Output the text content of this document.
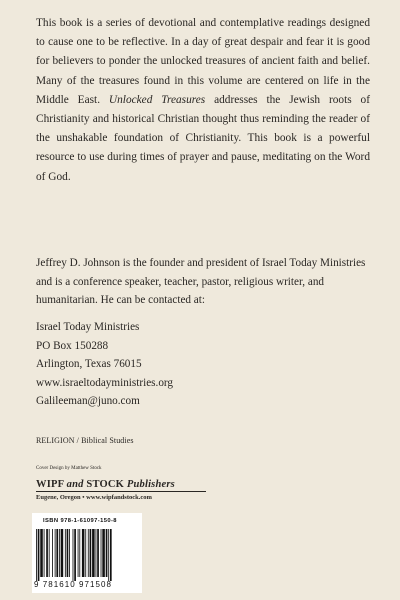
This book is a series of devotional and contemplative readings designed to cause one to be reflective. In a day of great despair and fear it is good for believers to ponder the unlocked treasures of ancient faith and belief. Many of the treasures found in this volume are centered on life in the Middle East. Unlocked Treasures addresses the Jewish roots of Christianity and historical Christian thought thus reminding the reader of the unshakable foundation of Christianity. This book is a powerful resource to use during times of prayer and pause, meditating on the Word of God.

Jeffrey D. Johnson is the founder and president of Israel Today Ministries and is a conference speaker, teacher, pastor, religious writer, and humanitarian. He can be contacted at:

Israel Today Ministries
PO Box 150288
Arlington, Texas 76015
www.israeltodayministries.org
Galileeman@juno.com
RELIGION / Biblical Studies
Cover Design by Matthew Stock
WIPF and STOCK Publishers
Eugene, Oregon • www.wipfandstock.com
ISBN 978-1-61097-150-8
9 781610 971508
